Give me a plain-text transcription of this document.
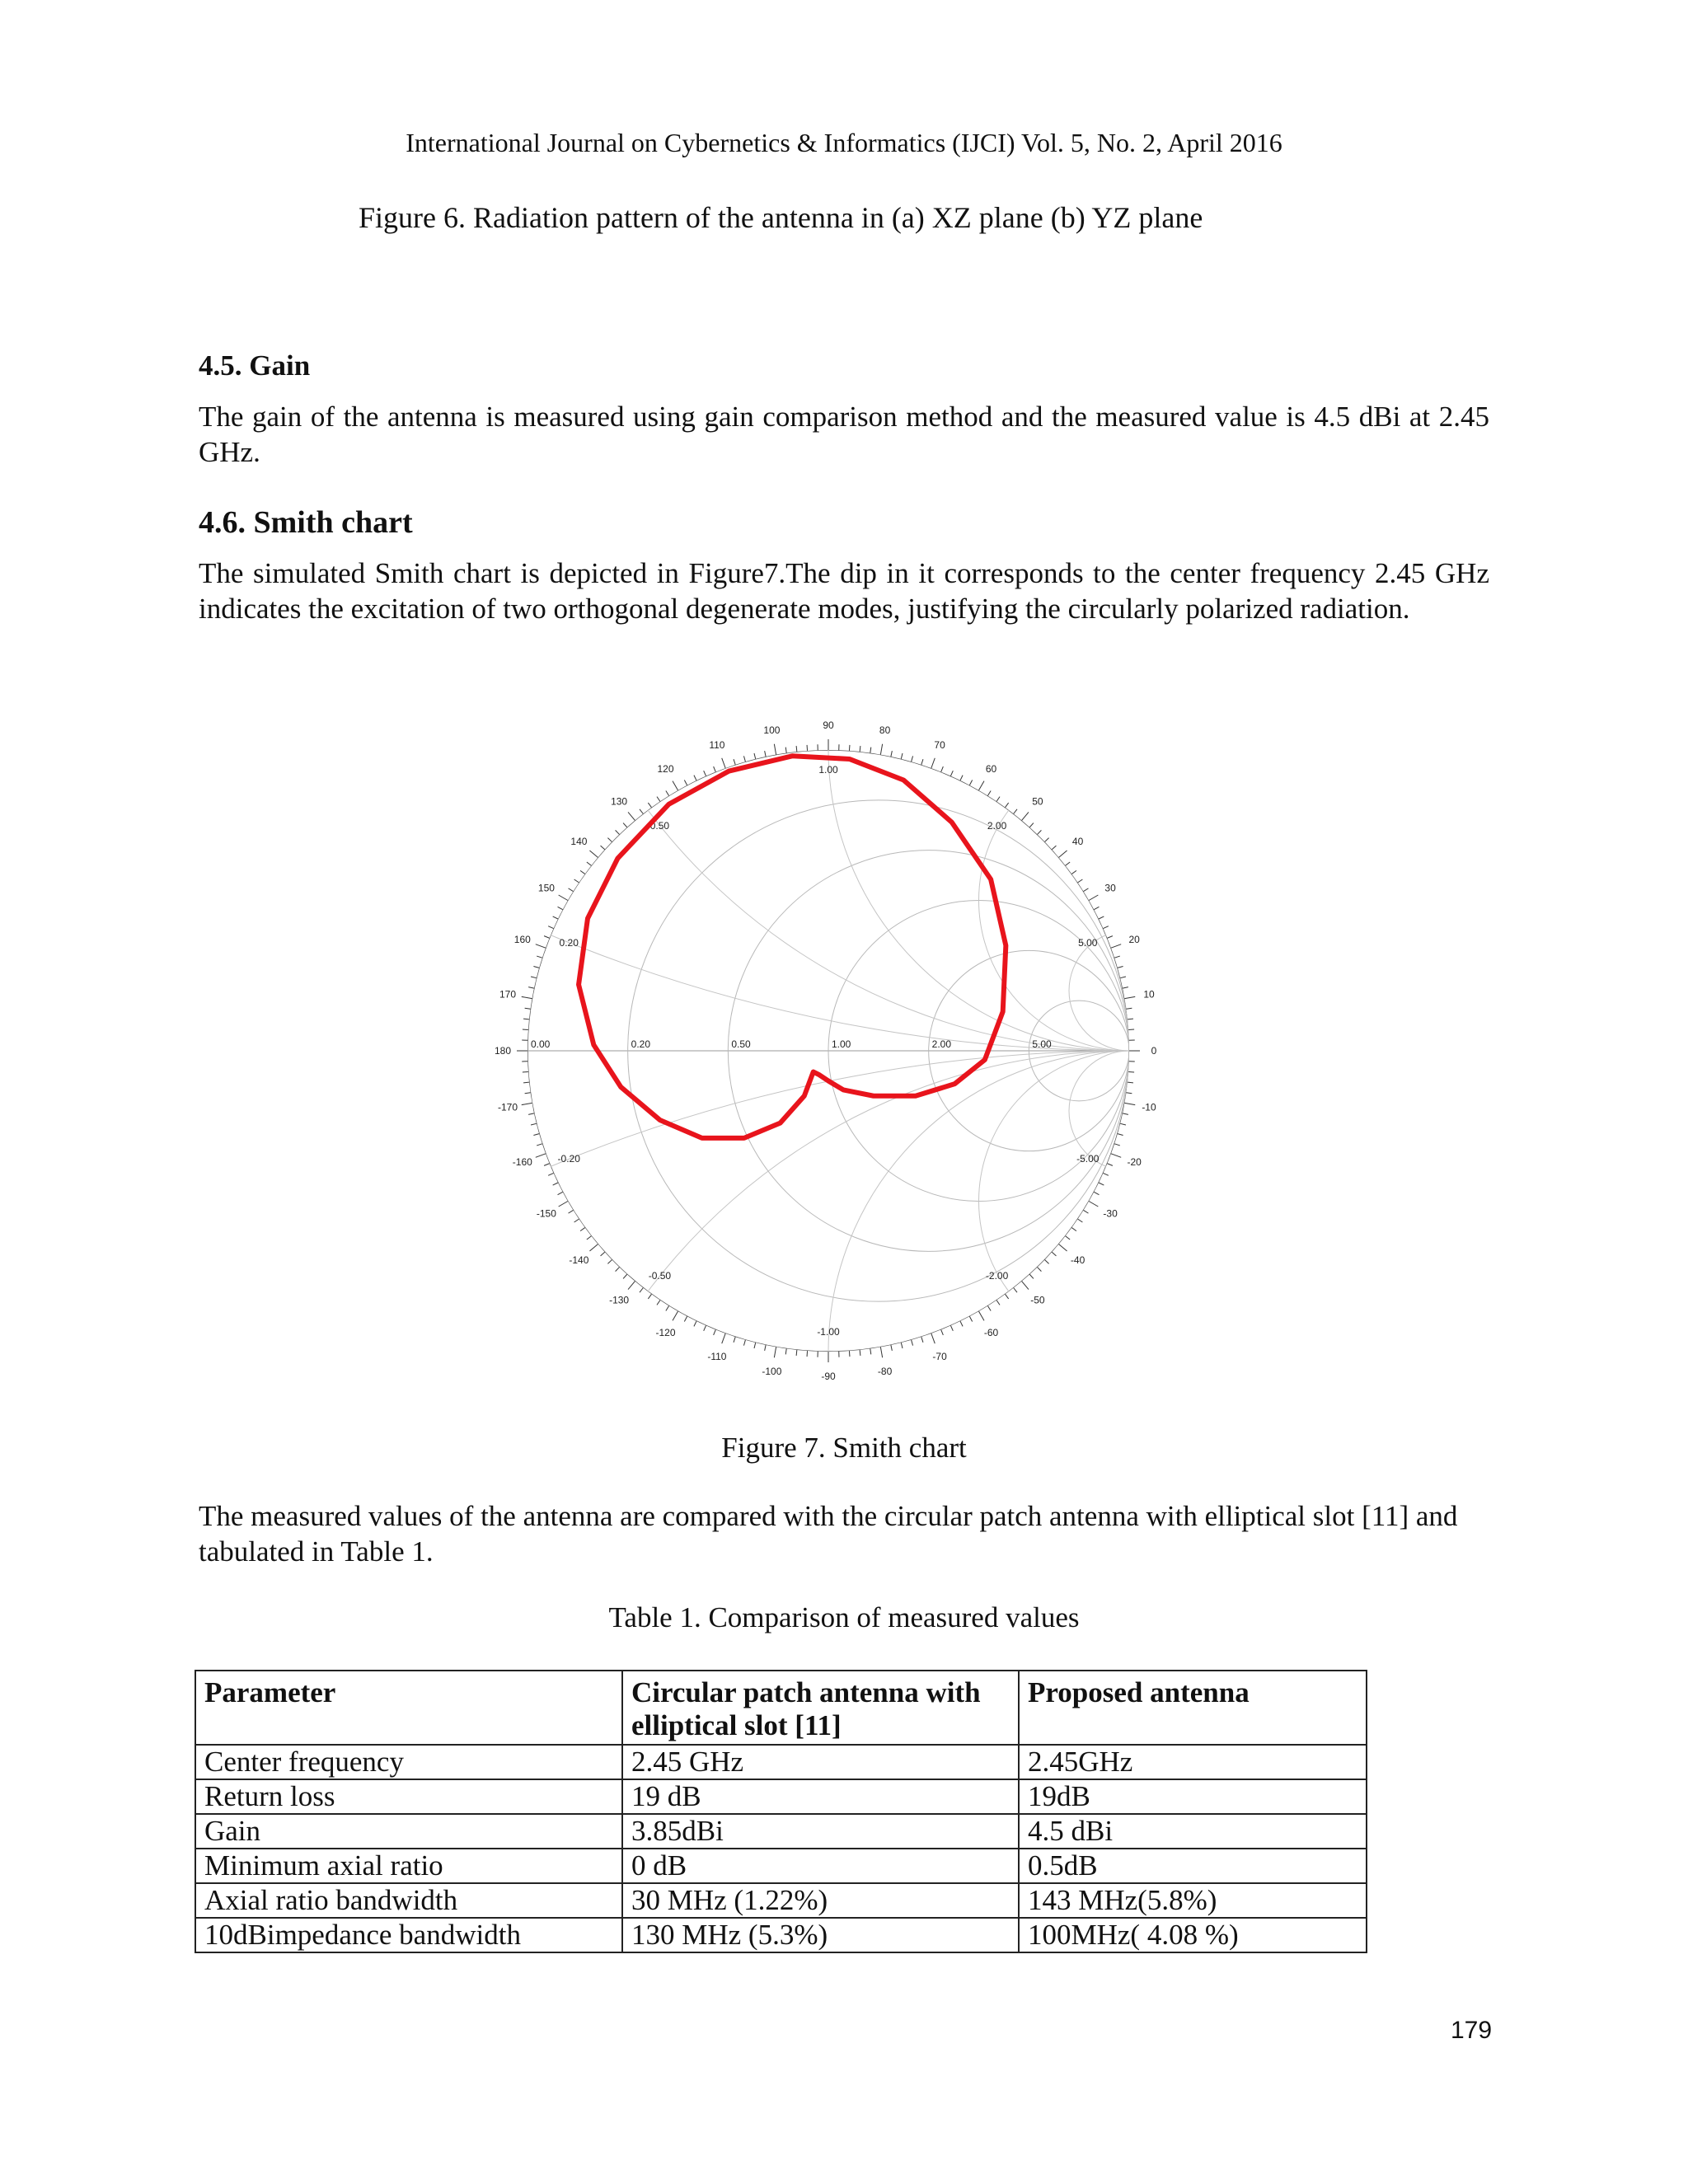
International Journal on Cybernetics & Informatics (IJCI) Vol. 5, No. 2, April 2016
Figure 6. Radiation pattern of the antenna in (a) XZ plane (b) YZ plane
4.5. Gain
The gain of the antenna is measured using gain comparison method and the measured value is 4.5 dBi at 2.45 GHz.
4.6. Smith chart
The simulated Smith chart is depicted in Figure7.The dip in it corresponds to the center frequency 2.45 GHz indicates the excitation of two orthogonal degenerate modes, justifying the circularly polarized radiation.
0.00	0.20	0.50	1.00	2.00	5.00
0.20
0.50
1.00
2.00
5.00
-0.20
-0.50
-1.00
-2.00
-5.00
0
10
20
30
40
50
60
70
80
90
100
110
120
130
140
150
160
170
180
-170
-160
-150
-140
-130
-120
-110
-100	-90	-80
-70
-60
-50
-40
-30
-20
-10
Figure 7. Smith chart
The measured values of the antenna are compared with the circular patch antenna with elliptical slot [11] and tabulated in Table 1.
Table 1. Comparison of measured values
Parameter	Circular patch antenna with elliptical slot [11]	Proposed antenna
Center frequency	2.45 GHz	2.45GHz
Return loss	19 dB	19dB
Gain	3.85dBi	4.5 dBi
Minimum axial ratio	0 dB	0.5dB
Axial ratio bandwidth	30 MHz (1.22%)	143 MHz(5.8%)
10dBimpedance bandwidth	130 MHz (5.3%)	100MHz( 4.08 %)
179
